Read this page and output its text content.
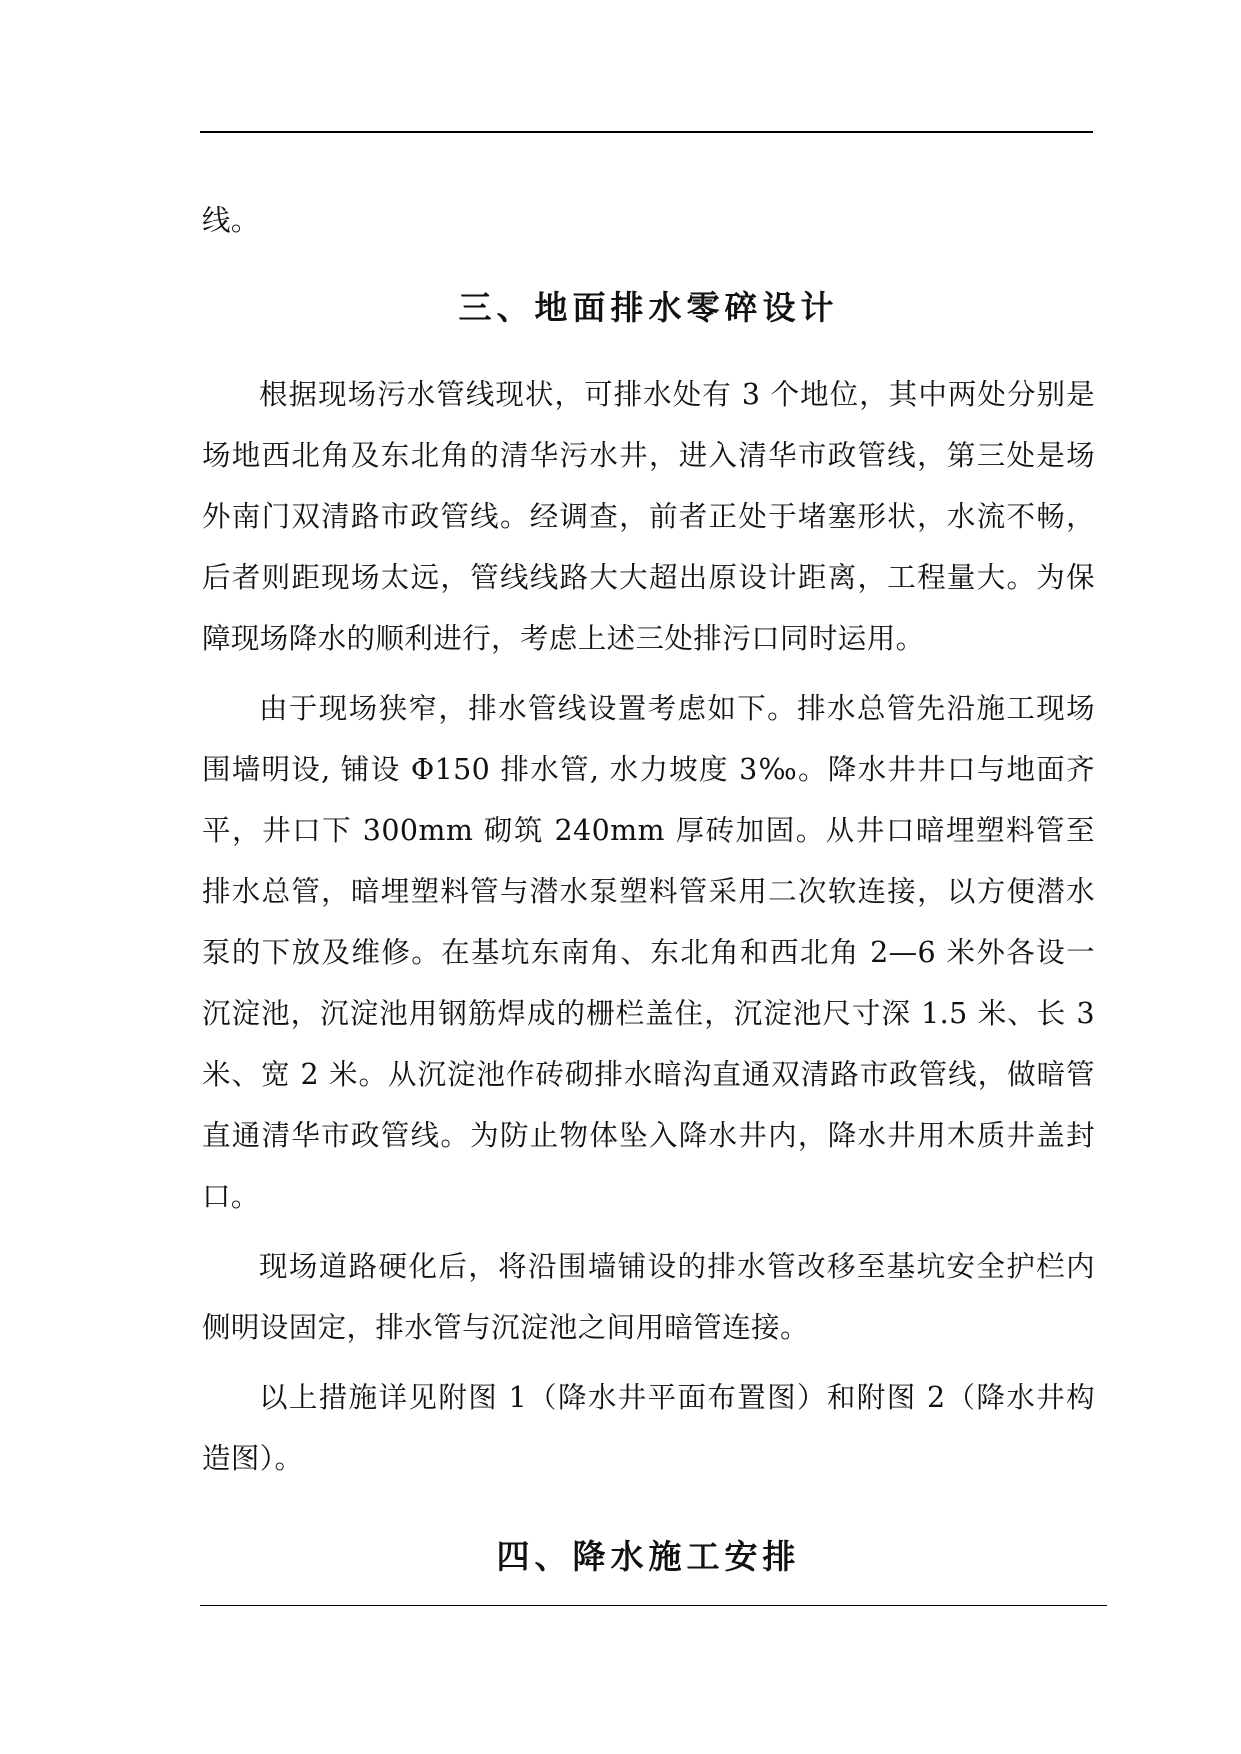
线。

三、地面排水零碎设计

根据现场污水管线现状，可排水处有 3 个地位，其中两处分别是场地西北角及东北角的清华污水井，进入清华市政管线，第三处是场外南门双清路市政管线。经调查，前者正处于堵塞形状，水流不畅，后者则距现场太远，管线线路大大超出原设计距离，工程量大。为保障现场降水的顺利进行，考虑上述三处排污口同时运用。

由于现场狭窄，排水管线设置考虑如下。排水总管先沿施工现场围墙明设, 铺设 Φ150 排水管, 水力坡度 3‰。降水井井口与地面齐平，井口下 300mm 砌筑 240mm 厚砖加固。从井口暗埋塑料管至排水总管，暗埋塑料管与潜水泵塑料管采用二次软连接，以方便潜水泵的下放及维修。在基坑东南角、东北角和西北角 2—6 米外各设一沉淀池，沉淀池用钢筋焊成的栅栏盖住，沉淀池尺寸深 1.5 米、长 3 米、宽 2 米。从沉淀池作砖砌排水暗沟直通双清路市政管线，做暗管直通清华市政管线。为防止物体坠入降水井内，降水井用木质井盖封口。

现场道路硬化后，将沿围墙铺设的排水管改移至基坑安全护栏内侧明设固定，排水管与沉淀池之间用暗管连接。

以上措施详见附图 1（降水井平面布置图）和附图 2（降水井构造图）。

四、降水施工安排
